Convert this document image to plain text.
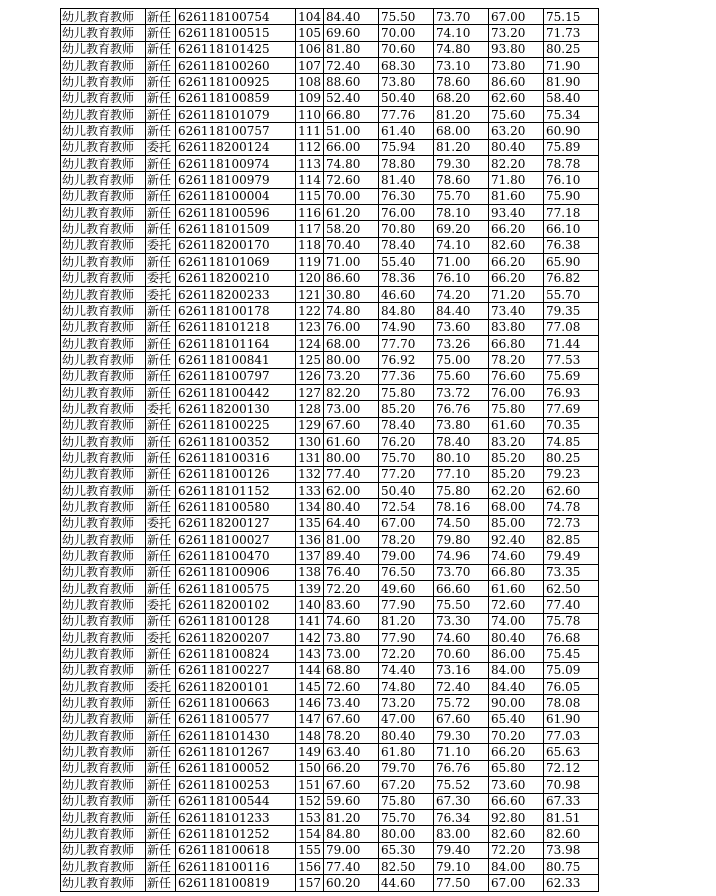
幼儿教育教师	新任	626118100754	104	84.40	75.50	73.70	67.00	75.15
幼儿教育教师	新任	626118100515	105	69.60	70.00	74.10	73.20	71.73
幼儿教育教师	新任	626118101425	106	81.80	70.60	74.80	93.80	80.25
幼儿教育教师	新任	626118100260	107	72.40	68.30	73.10	73.80	71.90
幼儿教育教师	新任	626118100925	108	88.60	73.80	78.60	86.60	81.90
幼儿教育教师	新任	626118100859	109	52.40	50.40	68.20	62.60	58.40
幼儿教育教师	新任	626118101079	110	66.80	77.76	81.20	75.60	75.34
幼儿教育教师	新任	626118100757	111	51.00	61.40	68.00	63.20	60.90
幼儿教育教师	委托	626118200124	112	66.00	75.94	81.20	80.40	75.89
幼儿教育教师	新任	626118100974	113	74.80	78.80	79.30	82.20	78.78
幼儿教育教师	新任	626118100979	114	72.60	81.40	78.60	71.80	76.10
幼儿教育教师	新任	626118100004	115	70.00	76.30	75.70	81.60	75.90
幼儿教育教师	新任	626118100596	116	61.20	76.00	78.10	93.40	77.18
幼儿教育教师	新任	626118101509	117	58.20	70.80	69.20	66.20	66.10
幼儿教育教师	委托	626118200170	118	70.40	78.40	74.10	82.60	76.38
幼儿教育教师	新任	626118101069	119	71.00	55.40	71.00	66.20	65.90
幼儿教育教师	委托	626118200210	120	86.60	78.36	76.10	66.20	76.82
幼儿教育教师	委托	626118200233	121	30.80	46.60	74.20	71.20	55.70
幼儿教育教师	新任	626118100178	122	74.80	84.80	84.40	73.40	79.35
幼儿教育教师	新任	626118101218	123	76.00	74.90	73.60	83.80	77.08
幼儿教育教师	新任	626118101164	124	68.00	77.70	73.26	66.80	71.44
幼儿教育教师	新任	626118100841	125	80.00	76.92	75.00	78.20	77.53
幼儿教育教师	新任	626118100797	126	73.20	77.36	75.60	76.60	75.69
幼儿教育教师	新任	626118100442	127	82.20	75.80	73.72	76.00	76.93
幼儿教育教师	委托	626118200130	128	73.00	85.20	76.76	75.80	77.69
幼儿教育教师	新任	626118100225	129	67.60	78.40	73.80	61.60	70.35
幼儿教育教师	新任	626118100352	130	61.60	76.20	78.40	83.20	74.85
幼儿教育教师	新任	626118100316	131	80.00	75.70	80.10	85.20	80.25
幼儿教育教师	新任	626118100126	132	77.40	77.20	77.10	85.20	79.23
幼儿教育教师	新任	626118101152	133	62.00	50.40	75.80	62.20	62.60
幼儿教育教师	新任	626118100580	134	80.40	72.54	78.16	68.00	74.78
幼儿教育教师	委托	626118200127	135	64.40	67.00	74.50	85.00	72.73
幼儿教育教师	新任	626118100027	136	81.00	78.20	79.80	92.40	82.85
幼儿教育教师	新任	626118100470	137	89.40	79.00	74.96	74.60	79.49
幼儿教育教师	新任	626118100906	138	76.40	76.50	73.70	66.80	73.35
幼儿教育教师	新任	626118100575	139	72.20	49.60	66.60	61.60	62.50
幼儿教育教师	委托	626118200102	140	83.60	77.90	75.50	72.60	77.40
幼儿教育教师	新任	626118100128	141	74.60	81.20	73.30	74.00	75.78
幼儿教育教师	委托	626118200207	142	73.80	77.90	74.60	80.40	76.68
幼儿教育教师	新任	626118100824	143	73.00	72.20	70.60	86.00	75.45
幼儿教育教师	新任	626118100227	144	68.80	74.40	73.16	84.00	75.09
幼儿教育教师	委托	626118200101	145	72.60	74.80	72.40	84.40	76.05
幼儿教育教师	新任	626118100663	146	73.40	73.20	75.72	90.00	78.08
幼儿教育教师	新任	626118100577	147	67.60	47.00	67.60	65.40	61.90
幼儿教育教师	新任	626118101430	148	78.20	80.40	79.30	70.20	77.03
幼儿教育教师	新任	626118101267	149	63.40	61.80	71.10	66.20	65.63
幼儿教育教师	新任	626118100052	150	66.20	79.70	76.76	65.80	72.12
幼儿教育教师	新任	626118100253	151	67.60	67.20	75.52	73.60	70.98
幼儿教育教师	新任	626118100544	152	59.60	75.80	67.30	66.60	67.33
幼儿教育教师	新任	626118101233	153	81.20	75.70	76.34	92.80	81.51
幼儿教育教师	新任	626118101252	154	84.80	80.00	83.00	82.60	82.60
幼儿教育教师	新任	626118100618	155	79.00	65.30	79.40	72.20	73.98
幼儿教育教师	新任	626118100116	156	77.40	82.50	79.10	84.00	80.75
幼儿教育教师	新任	626118100819	157	60.20	44.60	77.50	67.00	62.33
